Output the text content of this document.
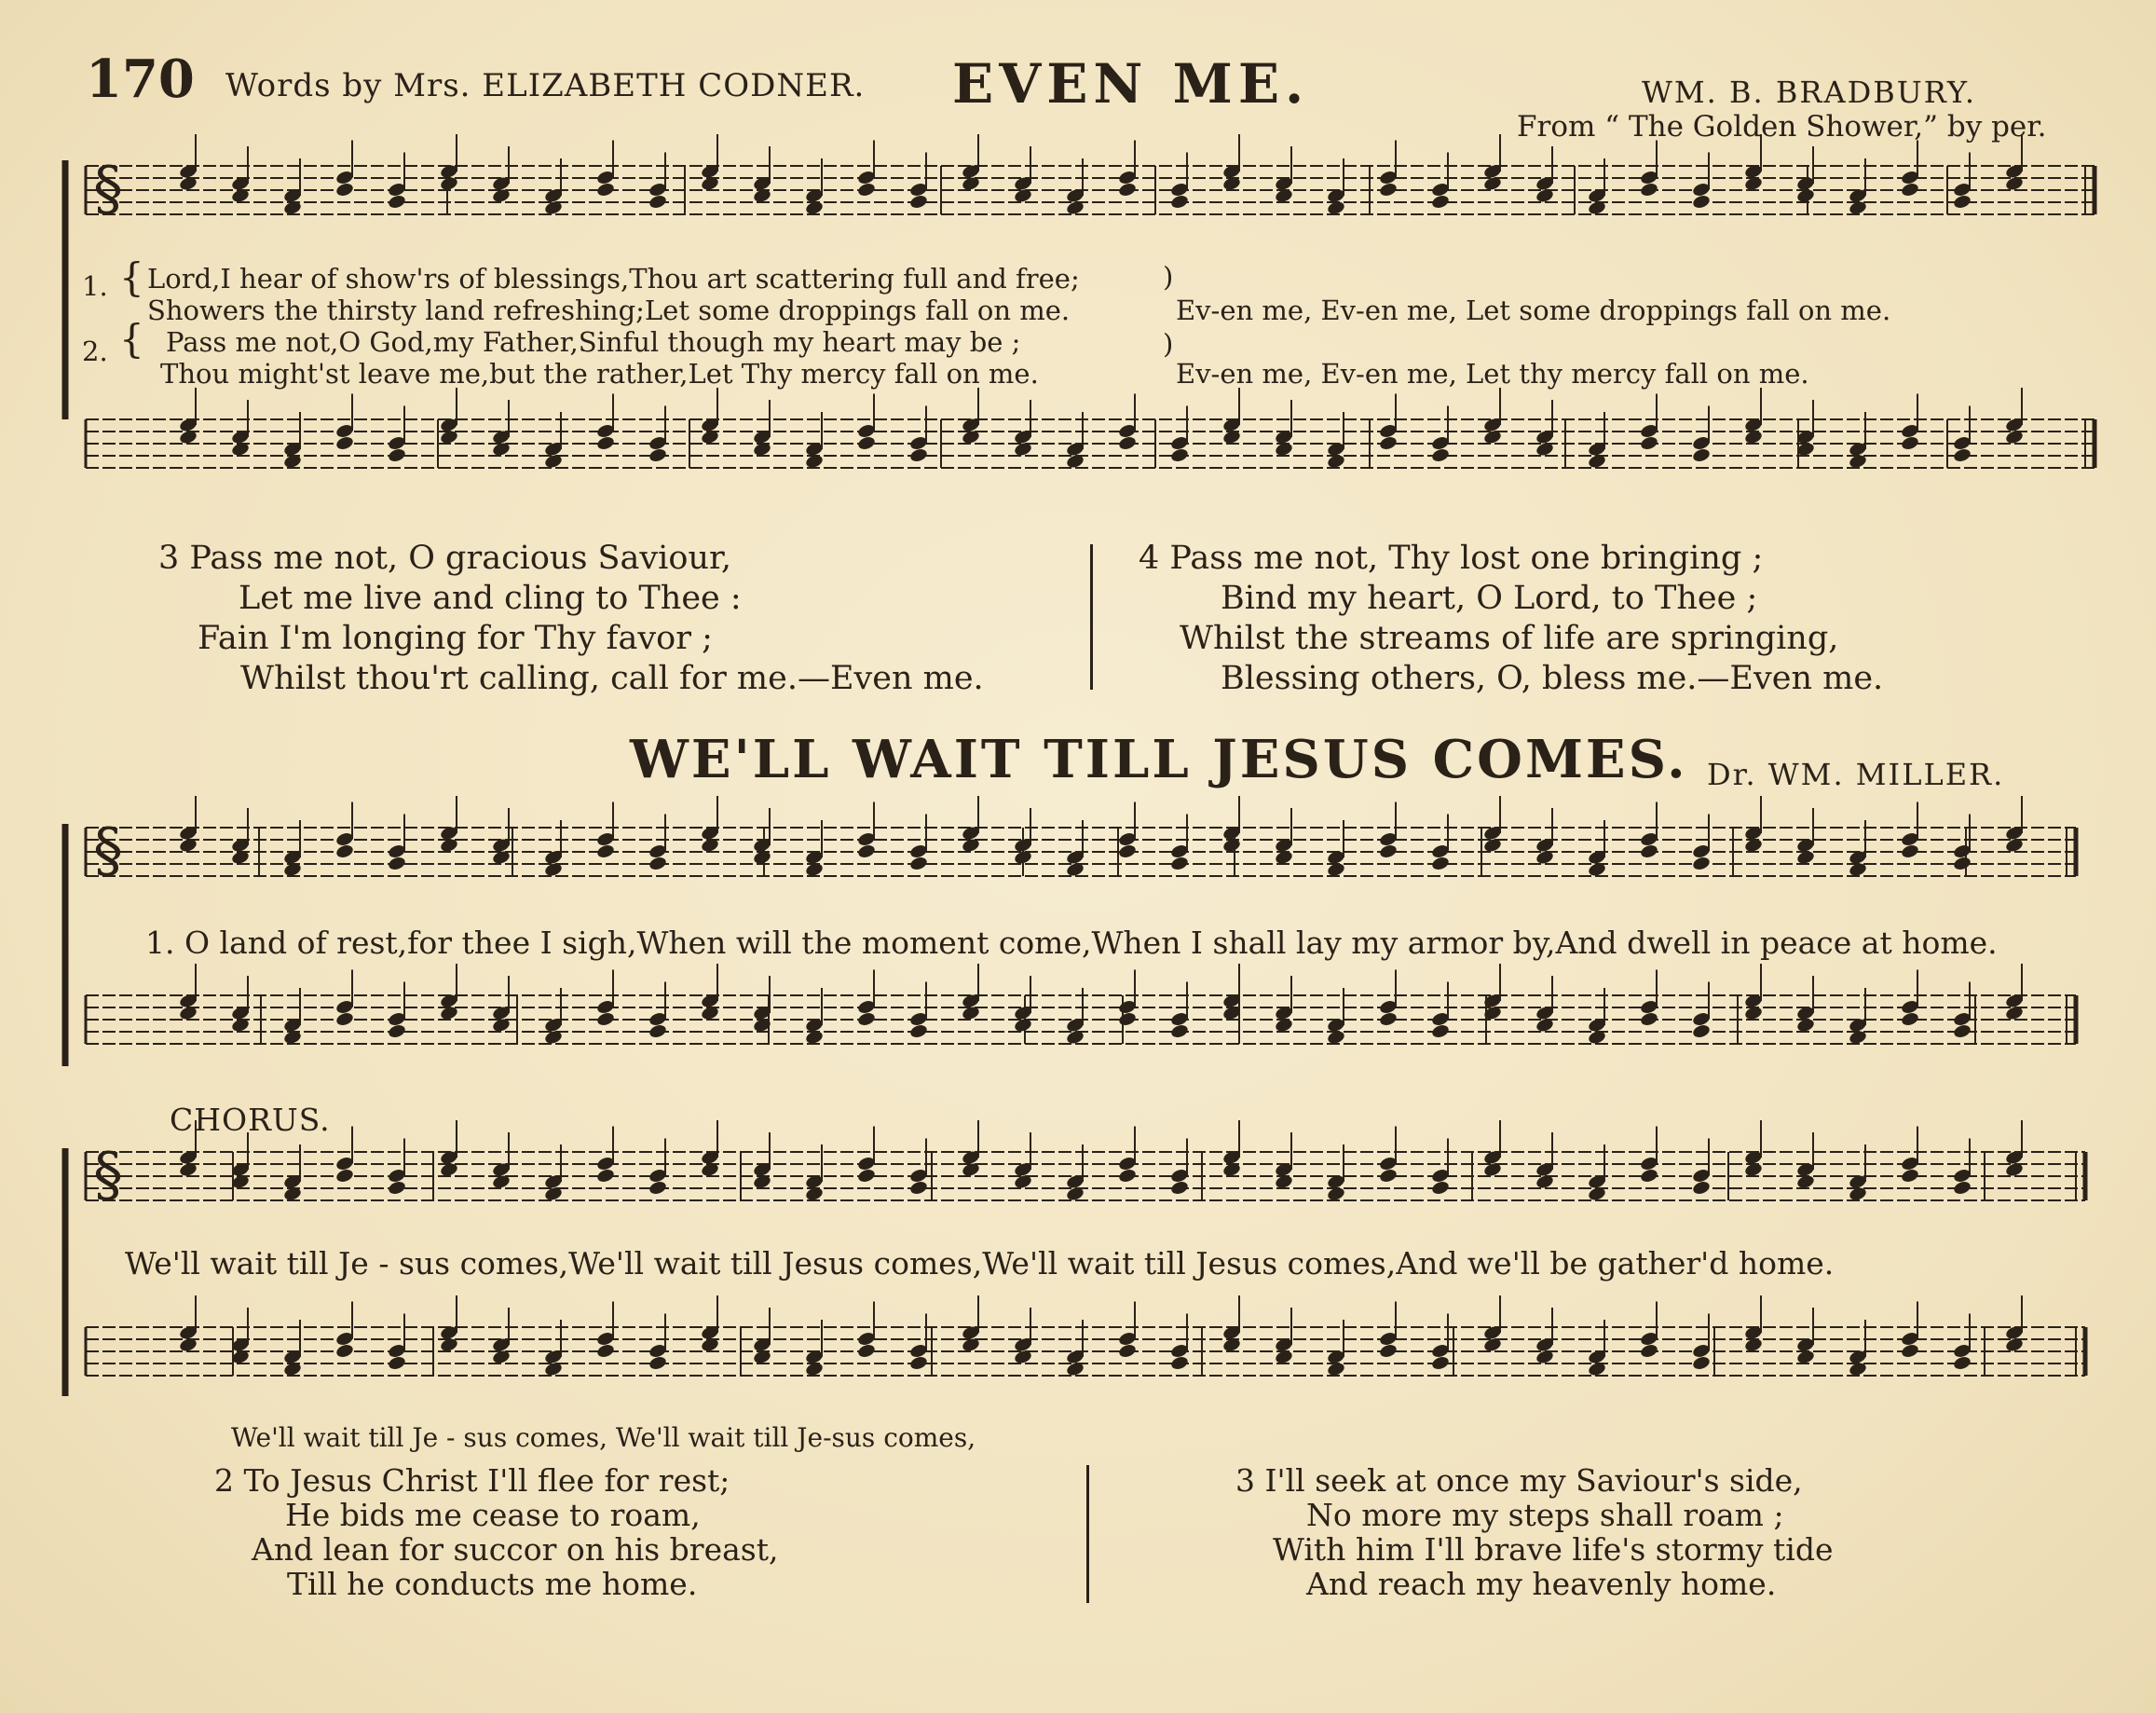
170 Words by Mrs. ELIZABETH CODNER. EVEN ME.	WM. B. BRADBURY.
From “ The Golden Shower,” by per.
§
§
§
1.
2.
{
{
Lord,I hear of show'rs of blessings,Thou art scattering full and free;
Showers the thirsty land refreshing;Let some droppings fall on me.	Ev-en me, Ev-en me, Let some droppings fall on me.
Pass me not,O God,my Father,Sinful though my heart may be ;
Thou might'st leave me,but the rather,Let Thy mercy fall on me.	Ev-en me, Ev-en me, Let thy mercy fall on me.
)
)
3 Pass me not, O gracious Saviour,
Let me live and cling to Thee :
Fain I'm longing for Thy favor ;
Whilst thou'rt calling, call for me.—Even me.
4 Pass me not, Thy lost one bringing ;
Bind my heart, O Lord, to Thee ;
Whilst the streams of life are springing,
Blessing others, O, bless me.—Even me.
WE'LL WAIT TILL JESUS COMES. Dr. WM. MILLER.
1. O land of rest,for thee I sigh,When will the moment come,When I shall lay my armor by,And dwell in peace at home.
CHORUS.
We'll wait till Je - sus comes,We'll wait till Jesus comes,We'll wait till Jesus comes,And we'll be gather'd home.
We'll wait till Je - sus comes, We'll wait till Je-sus comes,
2 To Jesus Christ I'll flee for rest;
He bids me cease to roam,
And lean for succor on his breast,
Till he conducts me home.
3 I'll seek at once my Saviour's side,
No more my steps shall roam ;
With him I'll brave life's stormy tide
And reach my heavenly home.
